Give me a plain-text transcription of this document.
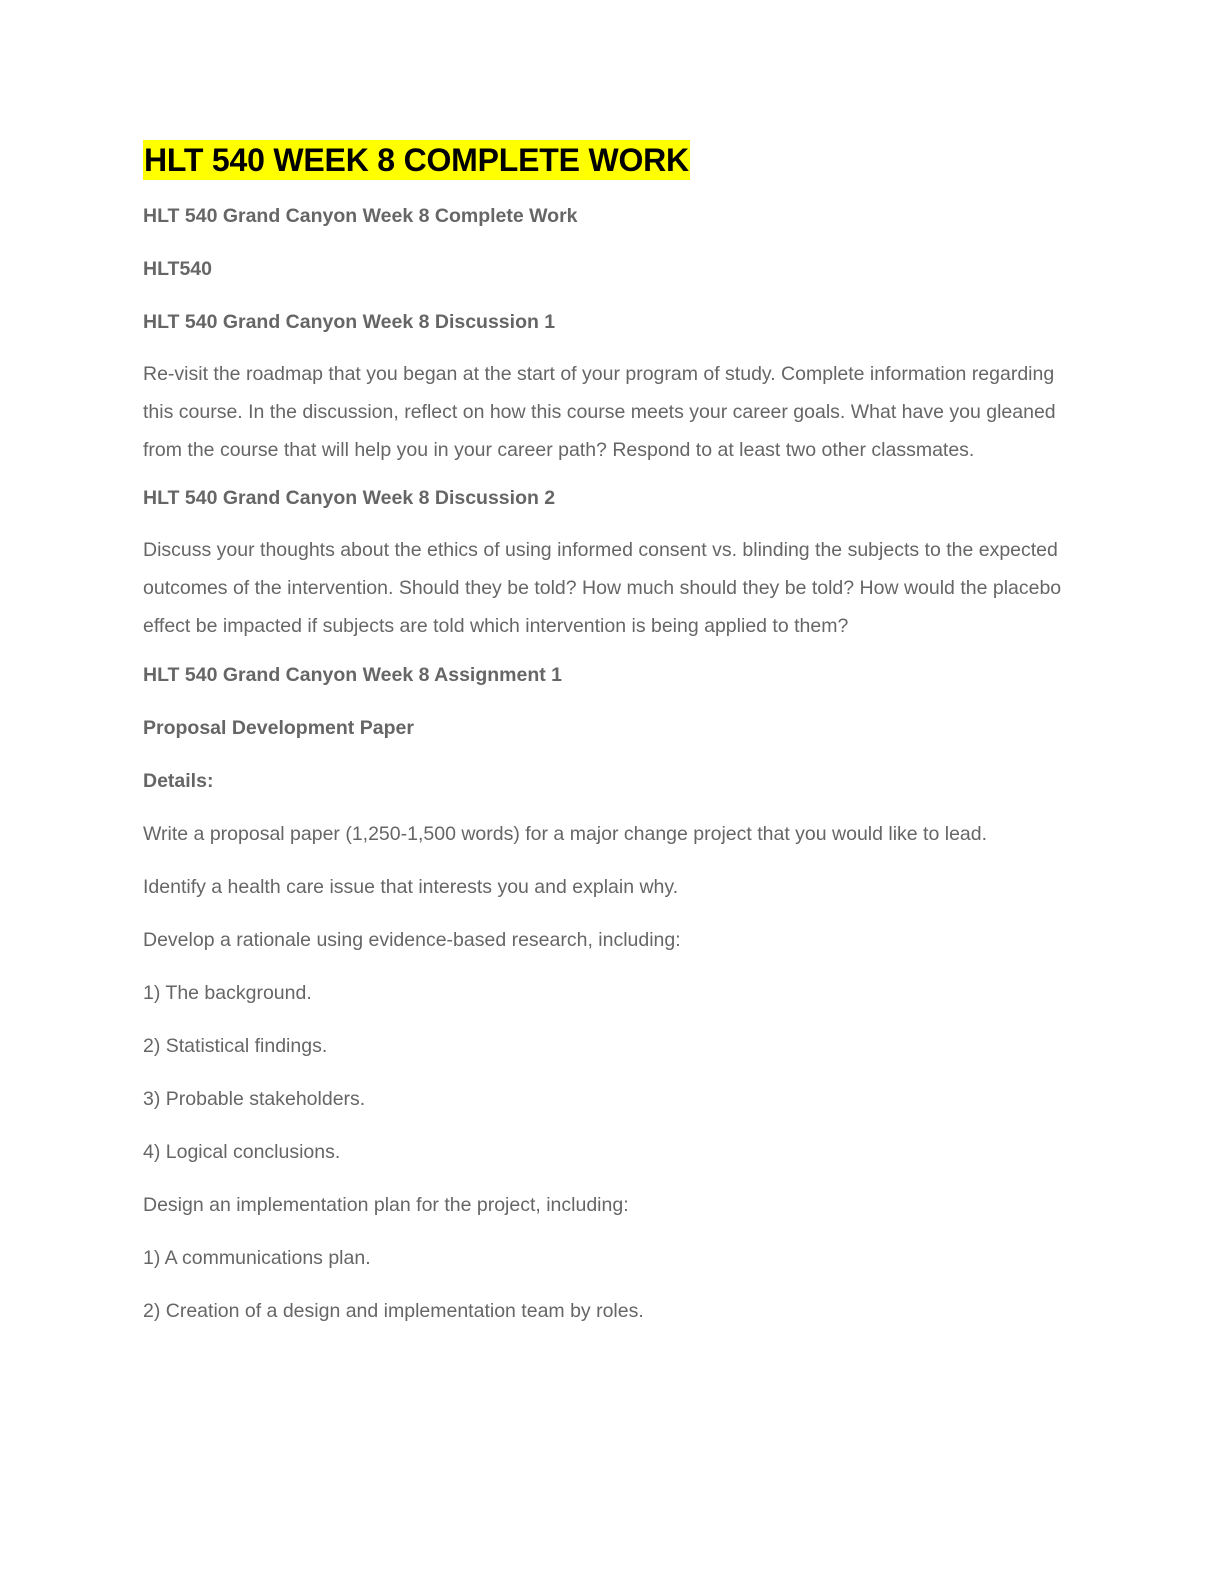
HLT 540 WEEK 8 COMPLETE WORK
HLT 540 Grand Canyon Week 8 Complete Work
HLT540
HLT 540 Grand Canyon Week 8 Discussion 1
Re-visit the roadmap that you began at the start of your program of study. Complete information regarding this course. In the discussion, reflect on how this course meets your career goals. What have you gleaned from the course that will help you in your career path? Respond to at least two other classmates.
HLT 540 Grand Canyon Week 8 Discussion 2
Discuss your thoughts about the ethics of using informed consent vs. blinding the subjects to the expected outcomes of the intervention. Should they be told? How much should they be told? How would the placebo effect be impacted if subjects are told which intervention is being applied to them?
HLT 540 Grand Canyon Week 8 Assignment 1
Proposal Development Paper
Details:
Write a proposal paper (1,250-1,500 words) for a major change project that you would like to lead.
Identify a health care issue that interests you and explain why.
Develop a rationale using evidence-based research, including:
1) The background.
2) Statistical findings.
3) Probable stakeholders.
4) Logical conclusions.
Design an implementation plan for the project, including:
1) A communications plan.
2) Creation of a design and implementation team by roles.
